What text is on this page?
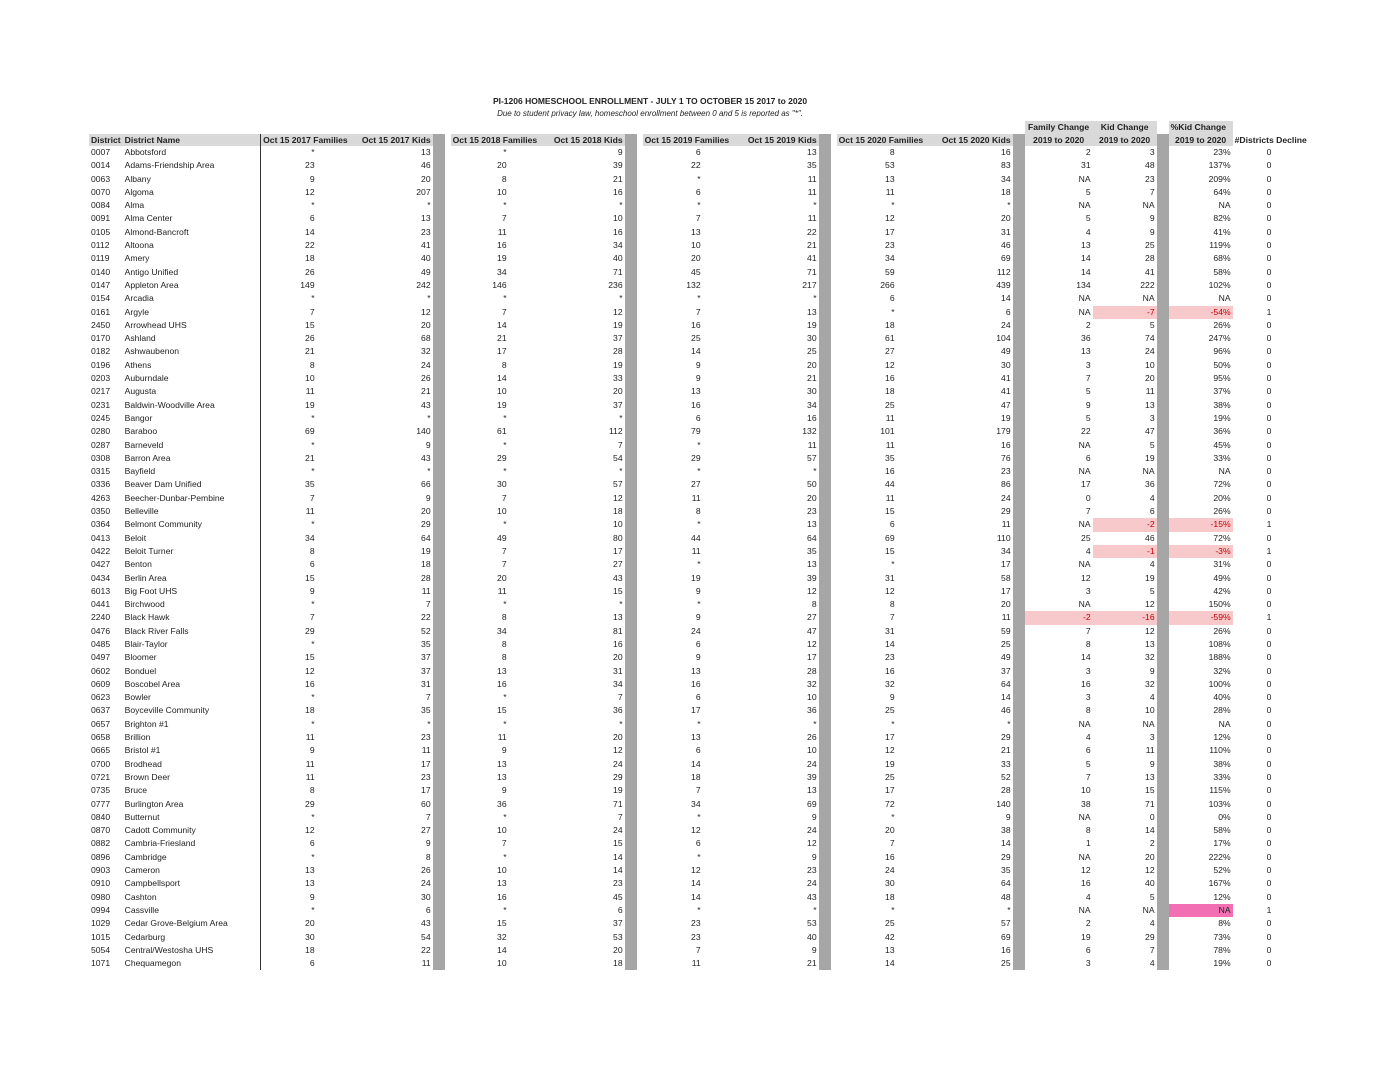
PI-1206 HOMESCHOOL ENROLLMENT - JULY 1 TO OCTOBER 15 2017 to 2020
Due to student privacy law, homeschool enrollment between 0 and 5 is reported as "*".
																	Family Change	Kid Change		%Kid Change	
District	District Name	Oct 15 2017 Families	Oct 15 2017 Kids			Oct 15 2018 Families	Oct 15 2018 Kids			Oct 15 2019 Families	Oct 15 2019 Kids			Oct 15 2020 Families	Oct 15 2020 Kids		2019 to 2020	2019 to 2020		2019 to 2020	#Districts Decline
0007	Abbotsford	*	13			*	9			6	13			8	16		2	3		23%	0
0014	Adams-Friendship Area	23	46			20	39			22	35			53	83		31	48		137%	0
0063	Albany	9	20			8	21			*	11			13	34		NA	23		209%	0
0070	Algoma	12	207			10	16			6	11			11	18		5	7		64%	0
0084	Alma	*	*			*	*			*	*			*	*		NA	NA		NA	0
0091	Alma Center	6	13			7	10			7	11			12	20		5	9		82%	0
0105	Almond-Bancroft	14	23			11	16			13	22			17	31		4	9		41%	0
0112	Altoona	22	41			16	34			10	21			23	46		13	25		119%	0
0119	Amery	18	40			19	40			20	41			34	69		14	28		68%	0
0140	Antigo Unified	26	49			34	71			45	71			59	112		14	41		58%	0
0147	Appleton Area	149	242			146	236			132	217			266	439		134	222		102%	0
0154	Arcadia	*	*			*	*			*	*			6	14		NA	NA		NA	0
0161	Argyle	7	12			7	12			7	13			*	6		NA	-7		-54%	1
2450	Arrowhead UHS	15	20			14	19			16	19			18	24		2	5		26%	0
0170	Ashland	26	68			21	37			25	30			61	104		36	74		247%	0
0182	Ashwaubenon	21	32			17	28			14	25			27	49		13	24		96%	0
0196	Athens	8	24			8	19			9	20			12	30		3	10		50%	0
0203	Auburndale	10	26			14	33			9	21			16	41		7	20		95%	0
0217	Augusta	11	21			10	20			13	30			18	41		5	11		37%	0
0231	Baldwin-Woodville Area	19	43			19	37			16	34			25	47		9	13		38%	0
0245	Bangor	*	*			*	*			6	16			11	19		5	3		19%	0
0280	Baraboo	69	140			61	112			79	132			101	179		22	47		36%	0
0287	Barneveld	*	9			*	7			*	11			11	16		NA	5		45%	0
0308	Barron Area	21	43			29	54			29	57			35	76		6	19		33%	0
0315	Bayfield	*	*			*	*			*	*			16	23		NA	NA		NA	0
0336	Beaver Dam Unified	35	66			30	57			27	50			44	86		17	36		72%	0
4263	Beecher-Dunbar-Pembine	7	9			7	12			11	20			11	24		0	4		20%	0
0350	Belleville	11	20			10	18			8	23			15	29		7	6		26%	0
0364	Belmont Community	*	29			*	10			*	13			6	11		NA	-2		-15%	1
0413	Beloit	34	64			49	80			44	64			69	110		25	46		72%	0
0422	Beloit Turner	8	19			7	17			11	35			15	34		4	-1		-3%	1
0427	Benton	6	18			7	27			*	13			*	17		NA	4		31%	0
0434	Berlin Area	15	28			20	43			19	39			31	58		12	19		49%	0
6013	Big Foot UHS	9	11			11	15			9	12			12	17		3	5		42%	0
0441	Birchwood	*	7			*	*			*	8			8	20		NA	12		150%	0
2240	Black Hawk	7	22			8	13			9	27			7	11		-2	-16		-59%	1
0476	Black River Falls	29	52			34	81			24	47			31	59		7	12		26%	0
0485	Blair-Taylor	*	35			8	16			6	12			14	25		8	13		108%	0
0497	Bloomer	15	37			8	20			9	17			23	49		14	32		188%	0
0602	Bonduel	12	37			13	31			13	28			16	37		3	9		32%	0
0609	Boscobel Area	16	31			16	34			16	32			32	64		16	32		100%	0
0623	Bowler	*	7			*	7			6	10			9	14		3	4		40%	0
0637	Boyceville Community	18	35			15	36			17	36			25	46		8	10		28%	0
0657	Brighton #1	*	*			*	*			*	*			*	*		NA	NA		NA	0
0658	Brillion	11	23			11	20			13	26			17	29		4	3		12%	0
0665	Bristol #1	9	11			9	12			6	10			12	21		6	11		110%	0
0700	Brodhead	11	17			13	24			14	24			19	33		5	9		38%	0
0721	Brown Deer	11	23			13	29			18	39			25	52		7	13		33%	0
0735	Bruce	8	17			9	19			7	13			17	28		10	15		115%	0
0777	Burlington Area	29	60			36	71			34	69			72	140		38	71		103%	0
0840	Butternut	*	7			*	7			*	9			*	9		NA	0		0%	0
0870	Cadott Community	12	27			10	24			12	24			20	38		8	14		58%	0
0882	Cambria-Friesland	6	9			7	15			6	12			7	14		1	2		17%	0
0896	Cambridge	*	8			*	14			*	9			16	29		NA	20		222%	0
0903	Cameron	13	26			10	14			12	23			24	35		12	12		52%	0
0910	Campbellsport	13	24			13	23			14	24			30	64		16	40		167%	0
0980	Cashton	9	30			16	45			14	43			18	48		4	5		12%	0
0994	Cassville	*	6			*	6			*	*			*	*		NA	NA		NA	1
1029	Cedar Grove-Belgium Area	20	43			15	37			23	53			25	57		2	4		8%	0
1015	Cedarburg	30	54			32	53			23	40			42	69		19	29		73%	0
5054	Central/Westosha UHS	18	22			14	20			7	9			13	16		6	7		78%	0
1071	Chequamegon	6	11			10	18			11	21			14	25		3	4		19%	0
